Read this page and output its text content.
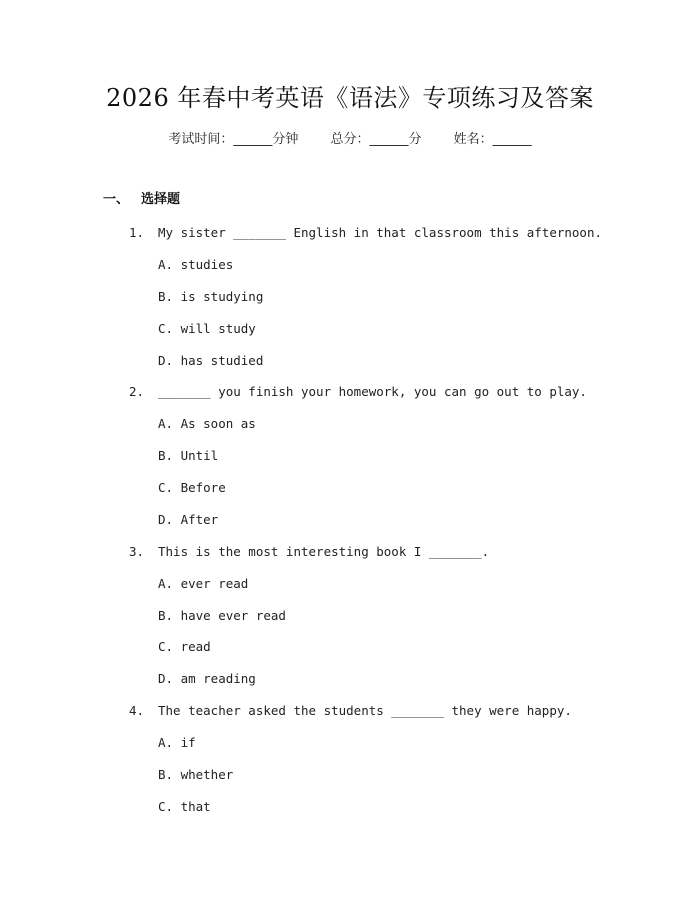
2026 年春中考英语《语法》专项练习及答案
考试时间：______分钟 总分：______分 姓名：______
一、 选择题
1. My sister _______ English in that classroom this afternoon.
A. studies
B. is studying
C. will study
D. has studied
2. _______ you finish your homework, you can go out to play.
A. As soon as
B. Until
C. Before
D. After
3. This is the most interesting book I _______.
A. ever read
B. have ever read
C. read
D. am reading
4. The teacher asked the students _______ they were happy.
A. if
B. whether
C. that
